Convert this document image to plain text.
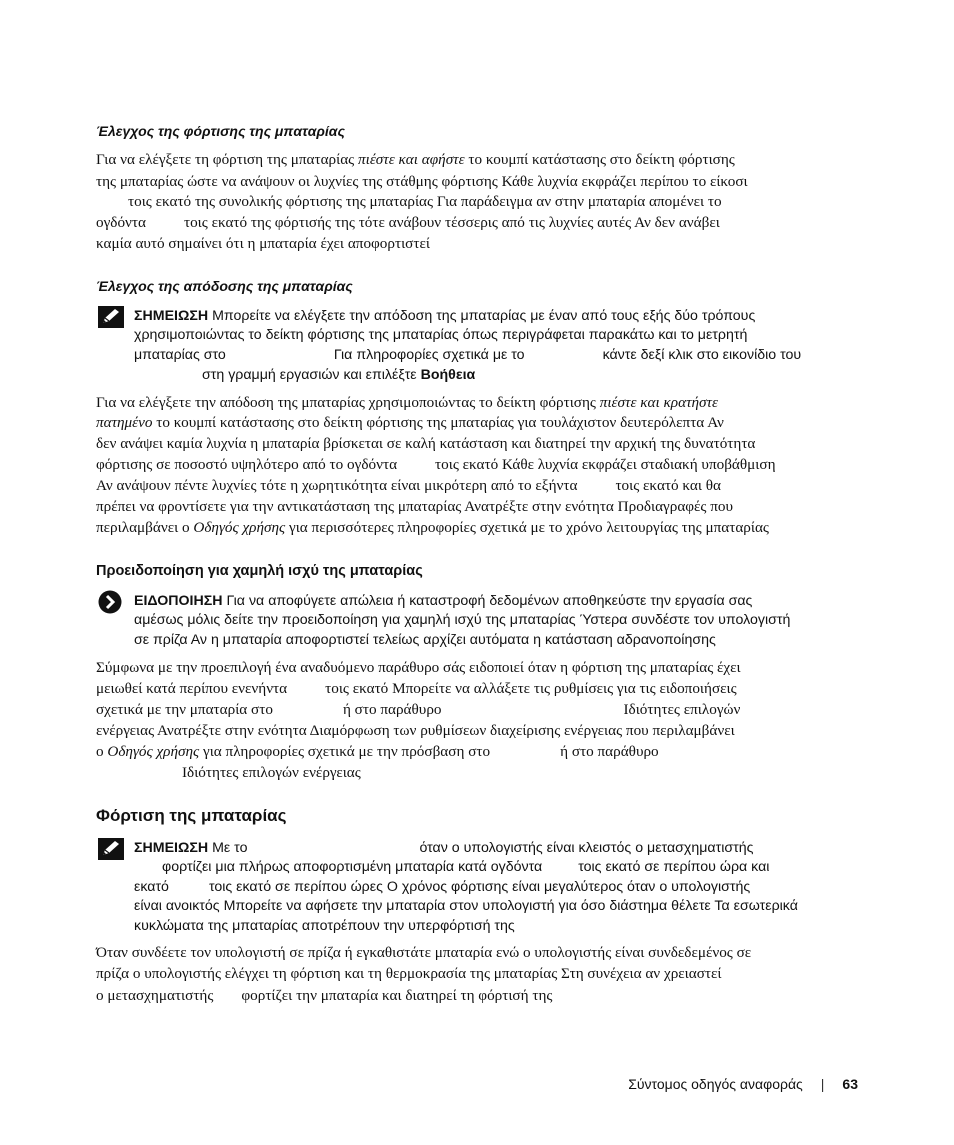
Έλεγχος της φόρτισης της μπαταρίας
Για να ελέγξετε τη φόρτιση της μπαταρίας πιέστε και αφήστε το κουμπί κατάστασης στο δείκτη φόρτισης
της μπαταρίας ώστε να ανάψουν οι λυχνίες της στάθμης φόρτισης Κάθε λυχνία εκφράζει περίπου το είκοσι
τοις εκατό της συνολικής φόρτισης της μπαταρίας Για παράδειγμα αν στην μπαταρία απομένει το
ογδόντα	τοις εκατό της φόρτισής της τότε ανάβουν τέσσερις από τις λυχνίες αυτές Αν δεν ανάβει
καμία αυτό σημαίνει ότι η μπαταρία έχει αποφορτιστεί
Έλεγχος της απόδοσης της μπαταρίας
ΣΗΜΕΙΩΣΗ Μπορείτε να ελέγξετε την απόδοση της μπαταρίας με έναν από τους εξής δύο τρόπους
χρησιμοποιώντας το δείκτη φόρτισης της μπαταρίας όπως περιγράφεται παρακάτω και το μετρητή
μπαταρίας στο	Για πληροφορίες σχετικά με το	κάντε δεξί κλικ στο εικονίδιο του
στη γραμμή εργασιών και επιλέξτε Βοήθεια
Για να ελέγξετε την απόδοση της μπαταρίας χρησιμοποιώντας το δείκτη φόρτισης πιέστε και κρατήστε
πατημένο το κουμπί κατάστασης στο δείκτη φόρτισης της μπαταρίας για τουλάχιστον δευτερόλεπτα Αν
δεν ανάψει καμία λυχνία η μπαταρία βρίσκεται σε καλή κατάσταση και διατηρεί την αρχική της δυνατότητα
φόρτισης σε ποσοστό υψηλότερο από το ογδόντα	τοις εκατό Κάθε λυχνία εκφράζει σταδιακή υποβάθμιση
Αν ανάψουν πέντε λυχνίες τότε η χωρητικότητα είναι μικρότερη από το εξήντα	τοις εκατό και θα
πρέπει να φροντίσετε για την αντικατάσταση της μπαταρίας Ανατρέξτε στην ενότητα Προδιαγραφές που
περιλαμβάνει ο Οδηγός χρήσης για περισσότερες πληροφορίες σχετικά με το χρόνο λειτουργίας της μπαταρίας
Προειδοποίηση για χαμηλή ισχύ της μπαταρίας
ΕΙΔΟΠΟΙΗΣΗ Για να αποφύγετε απώλεια ή καταστροφή δεδομένων αποθηκεύστε την εργασία σας
αμέσως μόλις δείτε την προειδοποίηση για χαμηλή ισχύ της μπαταρίας Ύστερα συνδέστε τον υπολογιστή
σε πρίζα Αν η μπαταρία αποφορτιστεί τελείως αρχίζει αυτόματα η κατάσταση αδρανοποίησης
Σύμφωνα με την προεπιλογή ένα αναδυόμενο παράθυρο σάς ειδοποιεί όταν η φόρτιση της μπαταρίας έχει
μειωθεί κατά περίπου ενενήντα	τοις εκατό Μπορείτε να αλλάξετε τις ρυθμίσεις για τις ειδοποιήσεις
σχετικά με την μπαταρία στο	ή στο παράθυρο	Ιδιότητες επιλογών
ενέργειας Ανατρέξτε στην ενότητα Διαμόρφωση των ρυθμίσεων διαχείρισης ενέργειας που περιλαμβάνει
ο Οδηγός χρήσης για πληροφορίες σχετικά με την πρόσβαση στο	ή στο παράθυρο
Ιδιότητες επιλογών ενέργειας
Φόρτιση της μπαταρίας
ΣΗΜΕΙΩΣΗ Με το	όταν ο υπολογιστής είναι κλειστός ο μετασχηματιστής
φορτίζει μια πλήρως αποφορτισμένη μπαταρία κατά ογδόντα	τοις εκατό σε περίπου ώρα και
εκατό	τοις εκατό σε περίπου ώρες Ο χρόνος φόρτισης είναι μεγαλύτερος όταν ο υπολογιστής
είναι ανοικτός Μπορείτε να αφήσετε την μπαταρία στον υπολογιστή για όσο διάστημα θέλετε Τα εσωτερικά
κυκλώματα της μπαταρίας αποτρέπουν την υπερφόρτισή της
Όταν συνδέετε τον υπολογιστή σε πρίζα ή εγκαθιστάτε μπαταρία ενώ ο υπολογιστής είναι συνδεδεμένος σε
πρίζα ο υπολογιστής ελέγχει τη φόρτιση και τη θερμοκρασία της μπαταρίας Στη συνέχεια αν χρειαστεί
ο μετασχηματιστής φορτίζει την μπαταρία και διατηρεί τη φόρτισή της
Σύντομος οδηγός αναφοράς | 63
